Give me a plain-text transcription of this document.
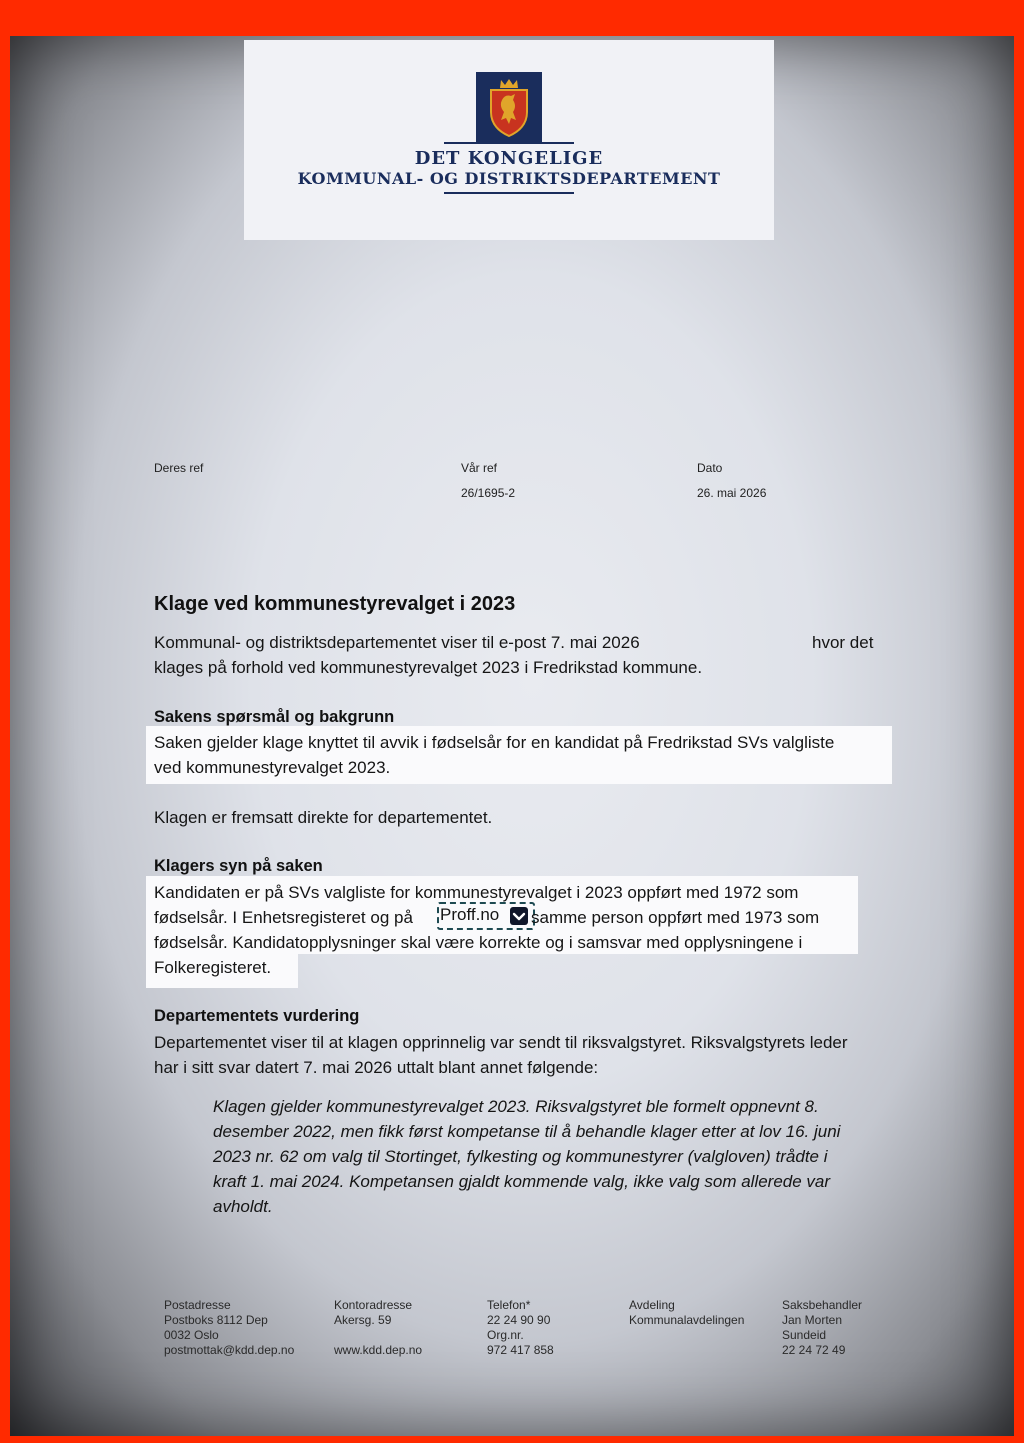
DET KONGELIGE
KOMMUNAL- OG DISTRIKTSDEPARTEMENT
Deres ref	Vår ref
26/1695-2
Dato
26. mai 2026
Klage ved kommunestyrevalget i 2023
Kommunal- og distriktsdepartementet viser til e-post 7. mai 2026	hvor det
klages på forhold ved kommunestyrevalget 2023 i Fredrikstad kommune.
Sakens spørsmål og bakgrunn
Saken gjelder klage knyttet til avvik i fødselsår for en kandidat på Fredrikstad SVs valgliste
ved kommunestyrevalget 2023.
Klagen er fremsatt direkte for departementet.
Klagers syn på saken
Kandidaten er på SVs valgliste for kommunestyrevalget i 2023 oppført med 1972 som
fødselsår. I Enhetsregisteret og på Proff.no samme person oppført med 1973 som
fødselsår. Kandidatopplysninger skal være korrekte og i samsvar med opplysningene i
Folkeregisteret.
Departementets vurdering
Departementet viser til at klagen opprinnelig var sendt til riksvalgstyret. Riksvalgstyrets leder
har i sitt svar datert 7. mai 2026 uttalt blant annet følgende:
Klagen gjelder kommunestyrevalget 2023. Riksvalgstyret ble formelt oppnevnt 8.
desember 2022, men fikk først kompetanse til å behandle klager etter at lov 16. juni
2023 nr. 62 om valg til Stortinget, fylkesting og kommunestyrer (valgloven) trådte i
kraft 1. mai 2024. Kompetansen gjaldt kommende valg, ikke valg som allerede var
avholdt.
Postadresse
Postboks 8112 Dep
0032 Oslo
postmottak@kdd.dep.no
Kontoradresse
Akersg. 59

www.kdd.dep.no
Telefon*
22 24 90 90
Org.nr.
972 417 858
Avdeling
Kommunalavdelingen
Saksbehandler
Jan Morten
Sundeid
22 24 72 49
